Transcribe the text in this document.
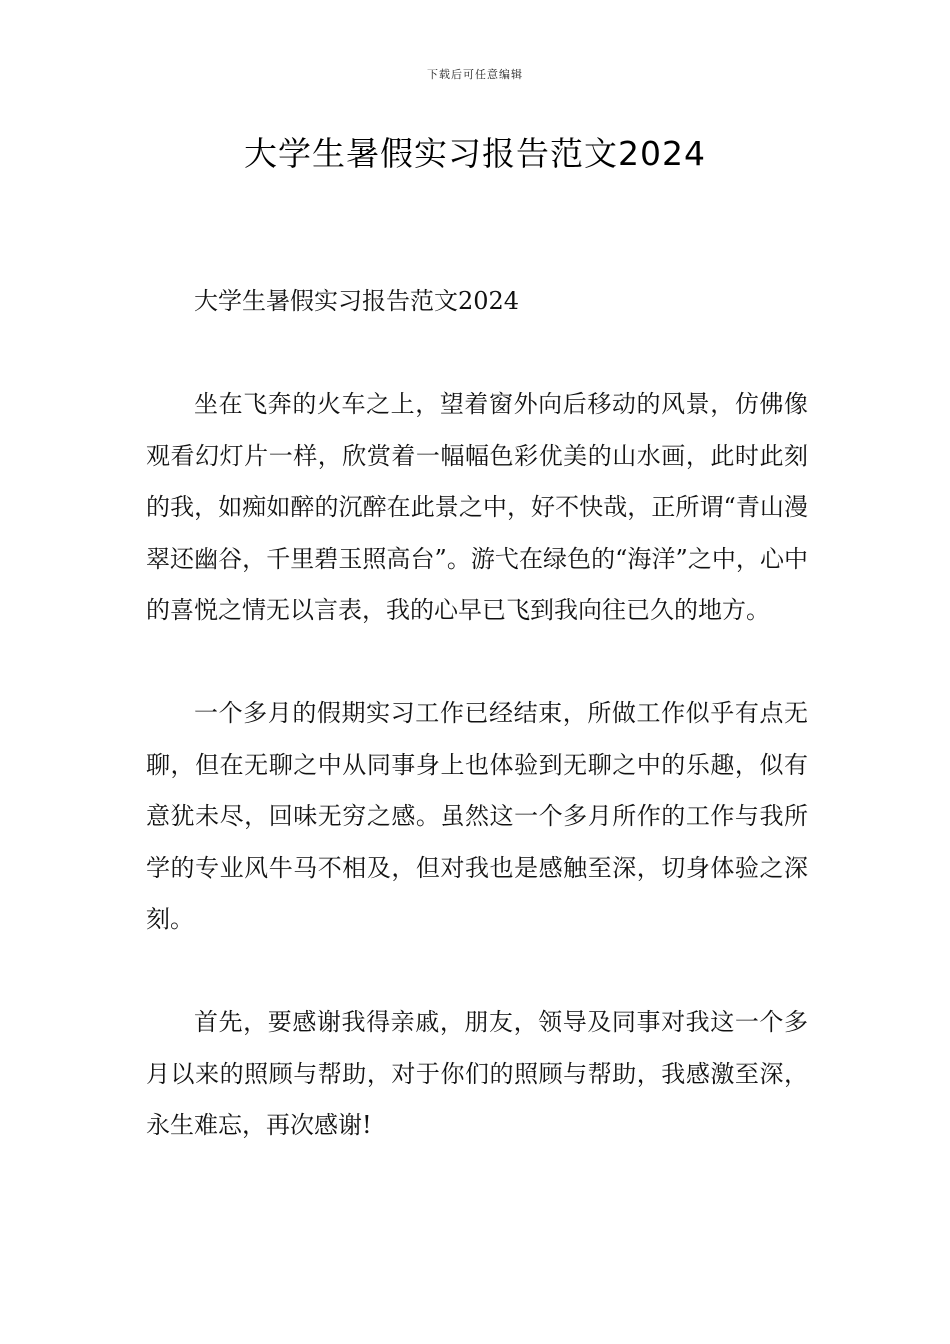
下载后可任意编辑
大学生暑假实习报告范文2024

大学生暑假实习报告范文2024

坐在飞奔的火车之上，望着窗外向后移动的风景，仿佛像观看幻灯片一样，欣赏着一幅幅色彩优美的山水画，此时此刻的我，如痴如醉的沉醉在此景之中，好不快哉，正所谓“青山漫翠还幽谷，千里碧玉照高台”。游弋在绿色的“海洋”之中，心中的喜悦之情无以言表，我的心早已飞到我向往已久的地方。

一个多月的假期实习工作已经结束，所做工作似乎有点无聊，但在无聊之中从同事身上也体验到无聊之中的乐趣，似有意犹未尽，回味无穷之感。虽然这一个多月所作的工作与我所学的专业风牛马不相及，但对我也是感触至深，切身体验之深刻。

首先，要感谢我得亲戚，朋友，领导及同事对我这一个多月以来的照顾与帮助，对于你们的照顾与帮助，我感激至深，永生难忘，再次感谢!
